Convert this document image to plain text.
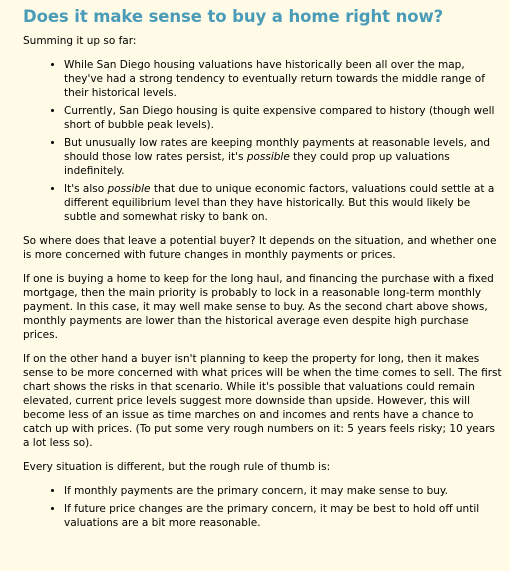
Does it make sense to buy a home right now?

Summing it up so far:

• While San Diego housing valuations have historically been all over the map, they've had a strong tendency to eventually return towards the middle range of their historical levels.
• Currently, San Diego housing is quite expensive compared to history (though well short of bubble peak levels).
• But unusually low rates are keeping monthly payments at reasonable levels, and should those low rates persist, it's possible they could prop up valuations indefinitely.
• It's also possible that due to unique economic factors, valuations could settle at a different equilibrium level than they have historically. But this would likely be subtle and somewhat risky to bank on.

So where does that leave a potential buyer? It depends on the situation, and whether one is more concerned with future changes in monthly payments or prices.

If one is buying a home to keep for the long haul, and financing the purchase with a fixed mortgage, then the main priority is probably to lock in a reasonable long-term monthly payment. In this case, it may well make sense to buy. As the second chart above shows, monthly payments are lower than the historical average even despite high purchase prices.

If on the other hand a buyer isn't planning to keep the property for long, then it makes sense to be more concerned with what prices will be when the time comes to sell. The first chart shows the risks in that scenario. While it's possible that valuations could remain elevated, current price levels suggest more downside than upside. However, this will become less of an issue as time marches on and incomes and rents have a chance to catch up with prices. (To put some very rough numbers on it: 5 years feels risky; 10 years a lot less so).

Every situation is different, but the rough rule of thumb is:

• If monthly payments are the primary concern, it may make sense to buy.
• If future price changes are the primary concern, it may be best to hold off until valuations are a bit more reasonable.
